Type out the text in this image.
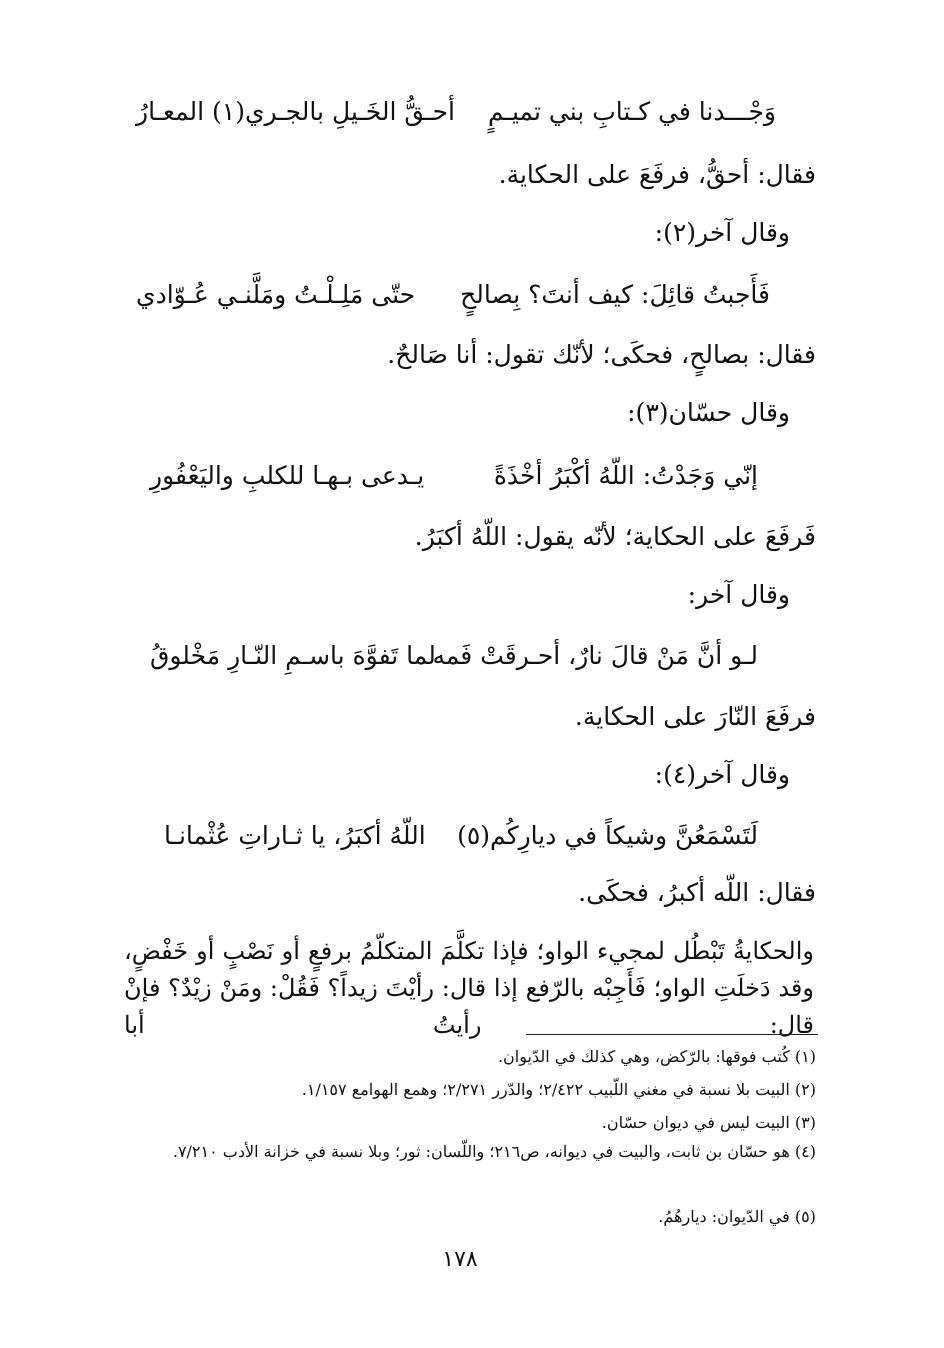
وَجْـــدنا في كـتابِ بني تميـمٍ
أحـقُّ الخَـيلِ بالجـري(١) المعـارُ
فقال: أحقُّ، فرفَعَ على الحكاية.
وقال آخر(٢):
فَأَجبتُ قائِلَ: كيف أنتَ؟ بِصالحٍ
حتّى مَلِـلْـتُ ومَلَّنـي عُـوّادي
فقال: بصالحٍ، فحكَى؛ لأنّك تقول: أنا صَالحٌ.
وقال حسّان(٣):
إنّي وَجَدْتُ: اللّهُ أكْبَرُ أخْذَةً
يـدعى بـهـا للكلبِ واليَعْفُورِ
فَرفَعَ على الحكاية؛ لأنّه يقول: اللّهُ أكبَرُ.
وقال آخر:
لـو أنَّ مَنْ قالَ نارٌ، أحـرقَتْ فَمه
لما تَفوَّهَ باسـمِ النّـارِ مَخْلوقُ
فرفَعَ النّارَ على الحكاية.
وقال آخر(٤):
لَتَسْمَعُنَّ وشيكاً في ديارِكُم(٥)
اللّهُ أكبَرُ، يا ثـاراتِ عُثْمانـا
فقال: اللّه أكبرُ، فحكَى.
والحكايةُ تَبْطُل لمجيء الواو؛ فإذا تكلَّمَ المتكلّمُ برفعٍ أو نَصْبٍ أو خَفْضٍ، وقد دَخلَتِ الواو؛ فَأَجِبْه بالرّفع إذا قال: رأيْتَ زيداً؟ فَقُلْ: ومَنْ زيْدٌ؟ فإنْ قال: رأيتُ أبا
(١) كُتب فوقها: بالرّكض، وهي كذلك في الدّيوان.
(٢) البيت بلا نسبة في مغني اللّبيب ٢/٤٢٢؛ والدّرر ٢/٢٧١؛ وهمع الهوامع ١/١٥٧.
(٣) البيت ليس في ديوان حسّان.
(٤) هو حسّان بن ثابت، والبيت في ديوانه، ص٢١٦؛ واللّسان: ثور؛ وبلا نسبة في خزانة الأدب ٧/٢١٠.
(٥) في الدّيوان: ديارهُمُ.
١٧٨
